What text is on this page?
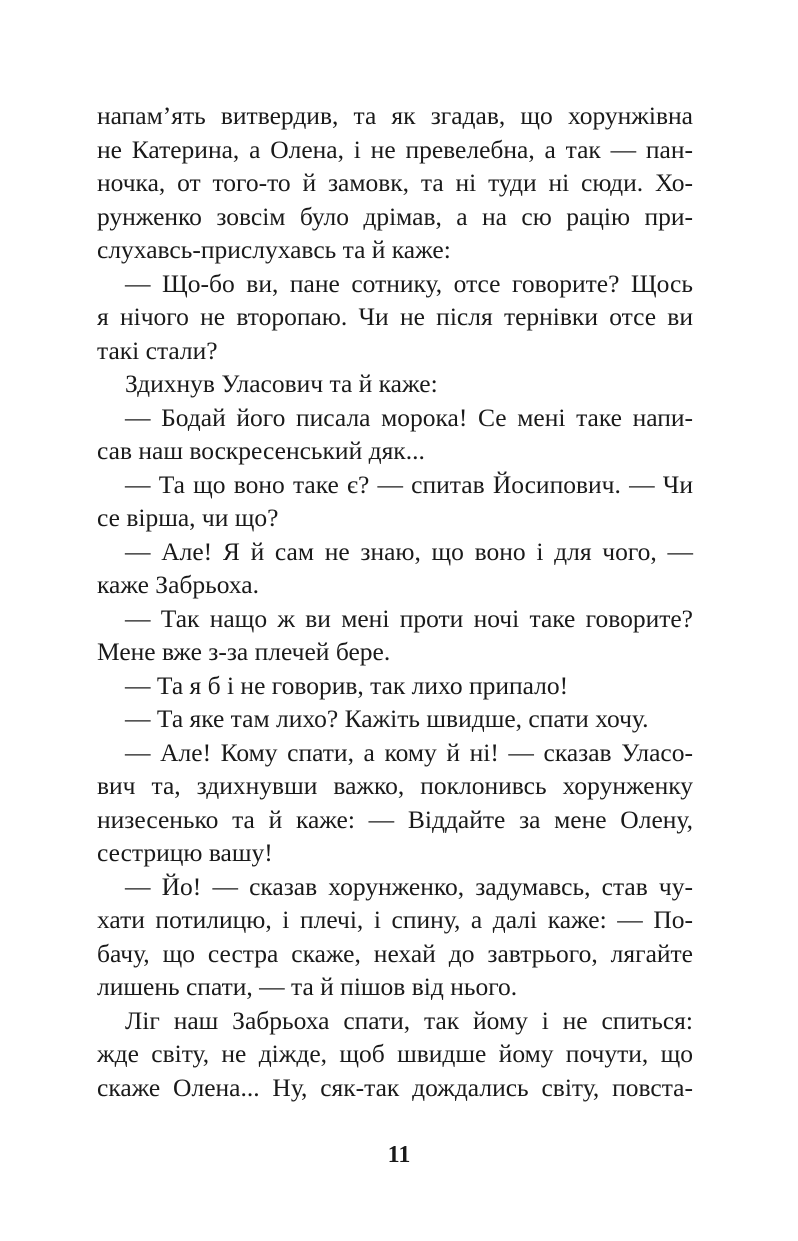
напам’ять витвердив, та як згадав, що хорунжівна
не Катерина, а Олена, і не превелебна, а так — пан-
ночка, от того-то й замовк, та ні туди ні сюди. Хо-
рунженко зовсім було дрімав, а на сю рацію при-
слухавсь-прислухавсь та й каже:
— Що-бо ви, пане сотнику, отсе говорите? Щось
я нічого не второпаю. Чи не після тернівки отсе ви
такі стали?
Здихнув Уласович та й каже:
— Бодай його писала морока! Се мені таке напи-
сав наш воскресенський дяк...
— Та що воно таке є? — спитав Йосипович. — Чи
се вірша, чи що?
— Але! Я й сам не знаю, що воно і для чого, —
каже Забрьоха.
— Так нащо ж ви мені проти ночі таке говорите?
Мене вже з-за плечей бере.
— Та я б і не говорив, так лихо припало!
— Та яке там лихо? Кажіть швидше, спати хочу.
— Але! Кому спати, а кому й ні! — сказав Уласо-
вич та, здихнувши важко, поклонивсь хорунженку
низесенько та й каже: — Віддайте за мене Олену,
сестрицю вашу!
— Йо! — сказав хорунженко, задумавсь, став чу-
хати потилицю, і плечі, і спину, а далі каже: — По-
бачу, що сестра скаже, нехай до завтрього, лягайте
лишень спати, — та й пішов від нього.
Ліг наш Забрьоха спати, так йому і не спиться:
жде світу, не діжде, щоб швидше йому почути, що
скаже Олена... Ну, сяк-так дождались світу, повста-
11
